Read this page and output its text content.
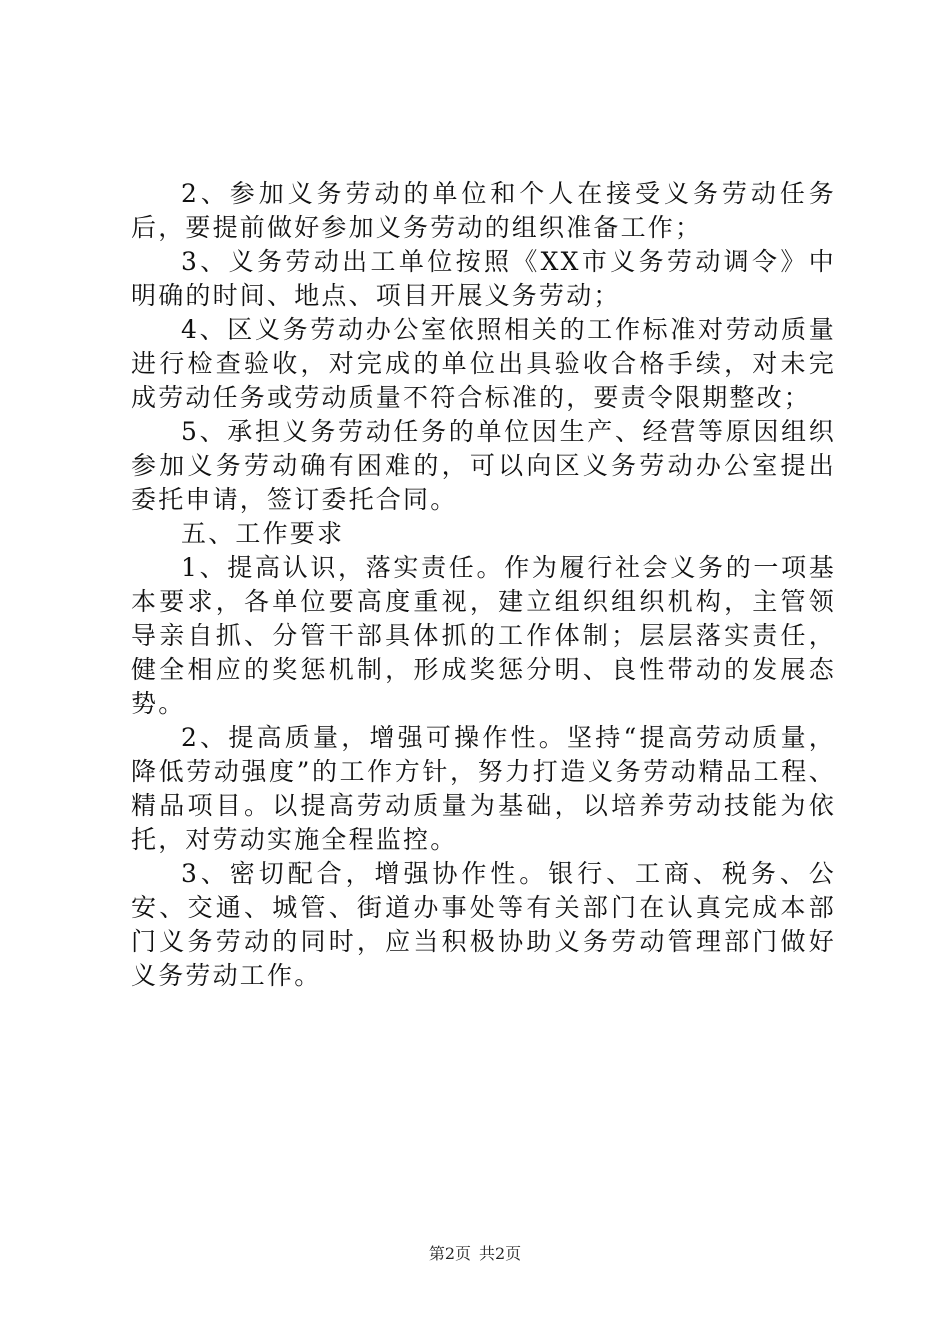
2、参加义务劳动的单位和个人在接受义务劳动任务后，要提前做好参加义务劳动的组织准备工作；

3、义务劳动出工单位按照《XX市义务劳动调令》中明确的时间、地点、项目开展义务劳动；

4、区义务劳动办公室依照相关的工作标准对劳动质量进行检查验收，对完成的单位出具验收合格手续，对未完成劳动任务或劳动质量不符合标准的，要责令限期整改；

5、承担义务劳动任务的单位因生产、经营等原因组织参加义务劳动确有困难的，可以向区义务劳动办公室提出委托申请，签订委托合同。

五、工作要求

1、提高认识，落实责任。作为履行社会义务的一项基本要求，各单位要高度重视，建立组织组织机构，主管领导亲自抓、分管干部具体抓的工作体制；层层落实责任，健全相应的奖惩机制，形成奖惩分明、良性带动的发展态势。

2、提高质量，增强可操作性。坚持“提高劳动质量，降低劳动强度”的工作方针，努力打造义务劳动精品工程、精品项目。以提高劳动质量为基础，以培养劳动技能为依托，对劳动实施全程监控。

3、密切配合，增强协作性。银行、工商、税务、公安、交通、城管、街道办事处等有关部门在认真完成本部门义务劳动的同时，应当积极协助义务劳动管理部门做好义务劳动工作。

第2页 共2页
